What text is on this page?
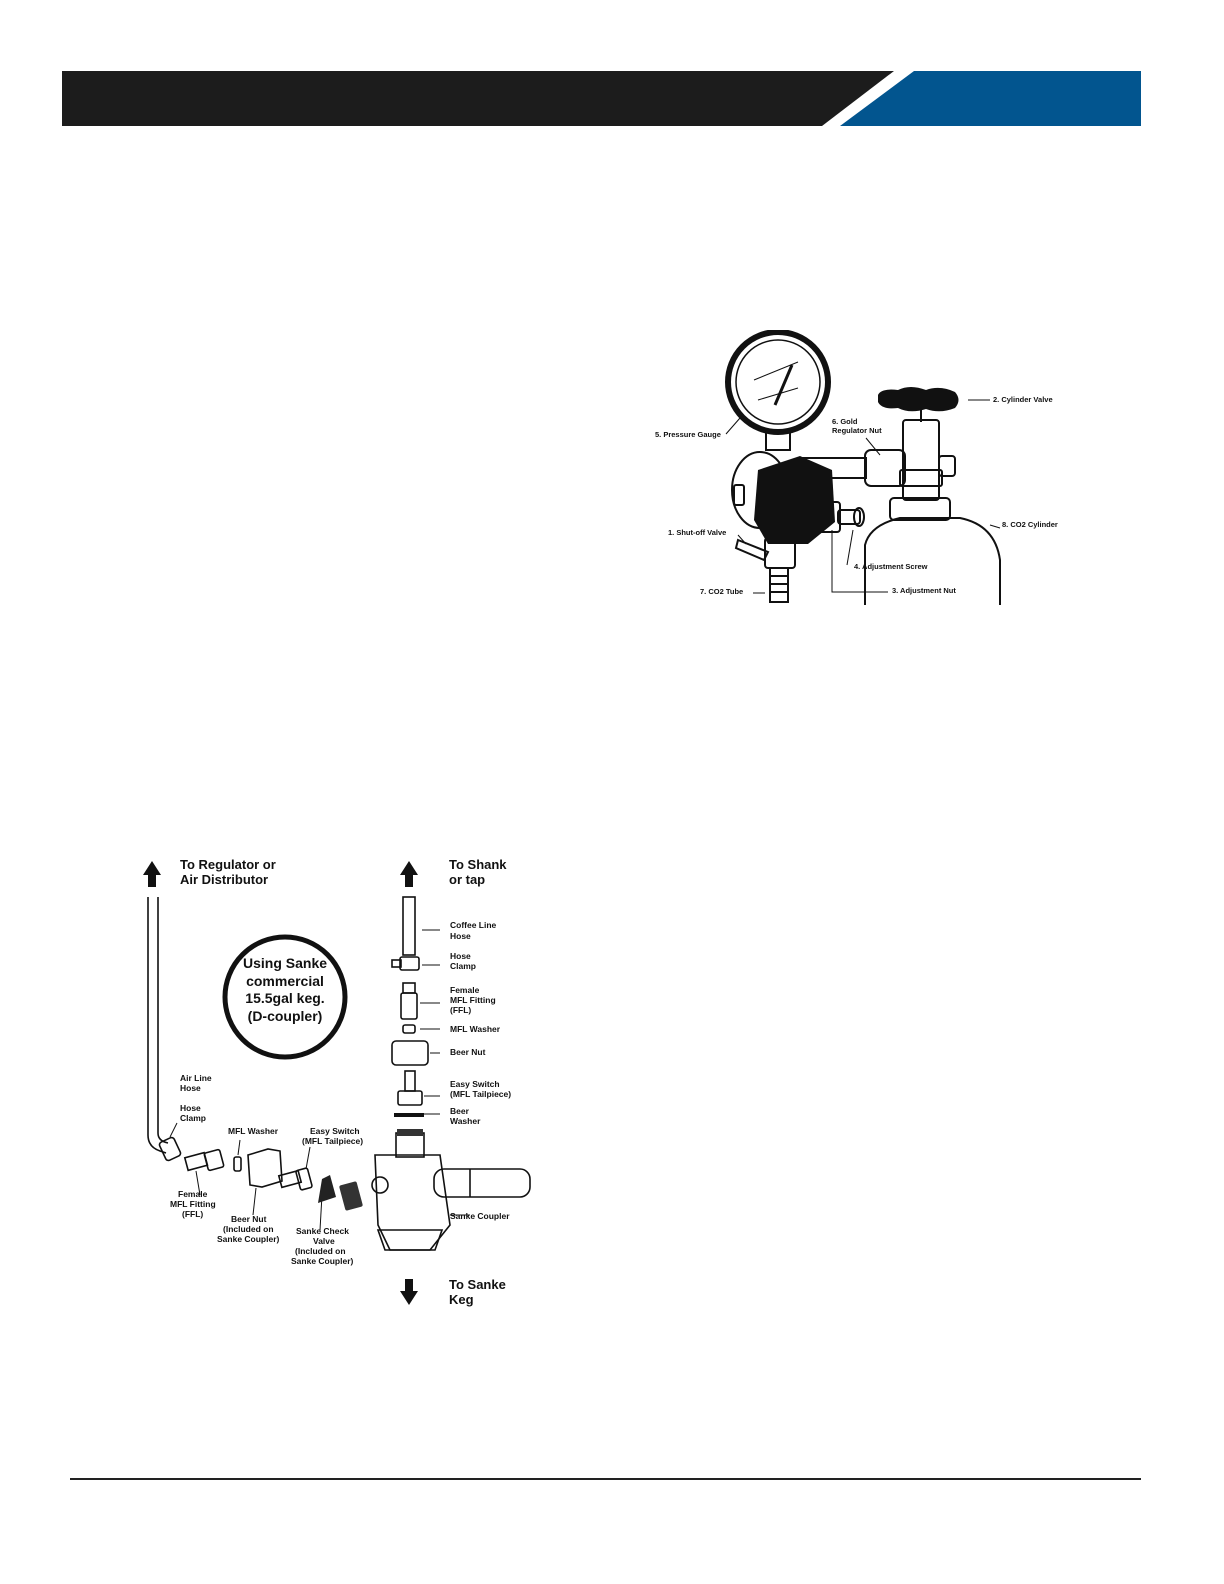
2. Cylinder Valve
5. Pressure Gauge
6. Gold
Regulator Nut
1. Shut-off Valve
8. CO2 Cylinder
4. Adjustment Screw
7. CO2 Tube	3. Adjustment Nut
Using Sanke
commercial
15.5gal keg.
(D-coupler)
To Regulator or
Air Distributor
To Shank
or tap
To Sanke
Keg
Coffee Line
Hose
Hose
Clamp
Female
MFL Fitting
(FFL)
MFL Washer
Beer Nut
Easy Switch
(MFL Tailpiece)
Beer
Washer
Sanke Coupler
Air Line
Hose
Hose
Clamp
MFL Washer	Easy Switch
(MFL Tailpiece)
Female
MFL Fitting
(FFL)	Beer Nut
(Included on
Sanke Coupler)
Sanke Check
Valve
(Included on
Sanke Coupler)
